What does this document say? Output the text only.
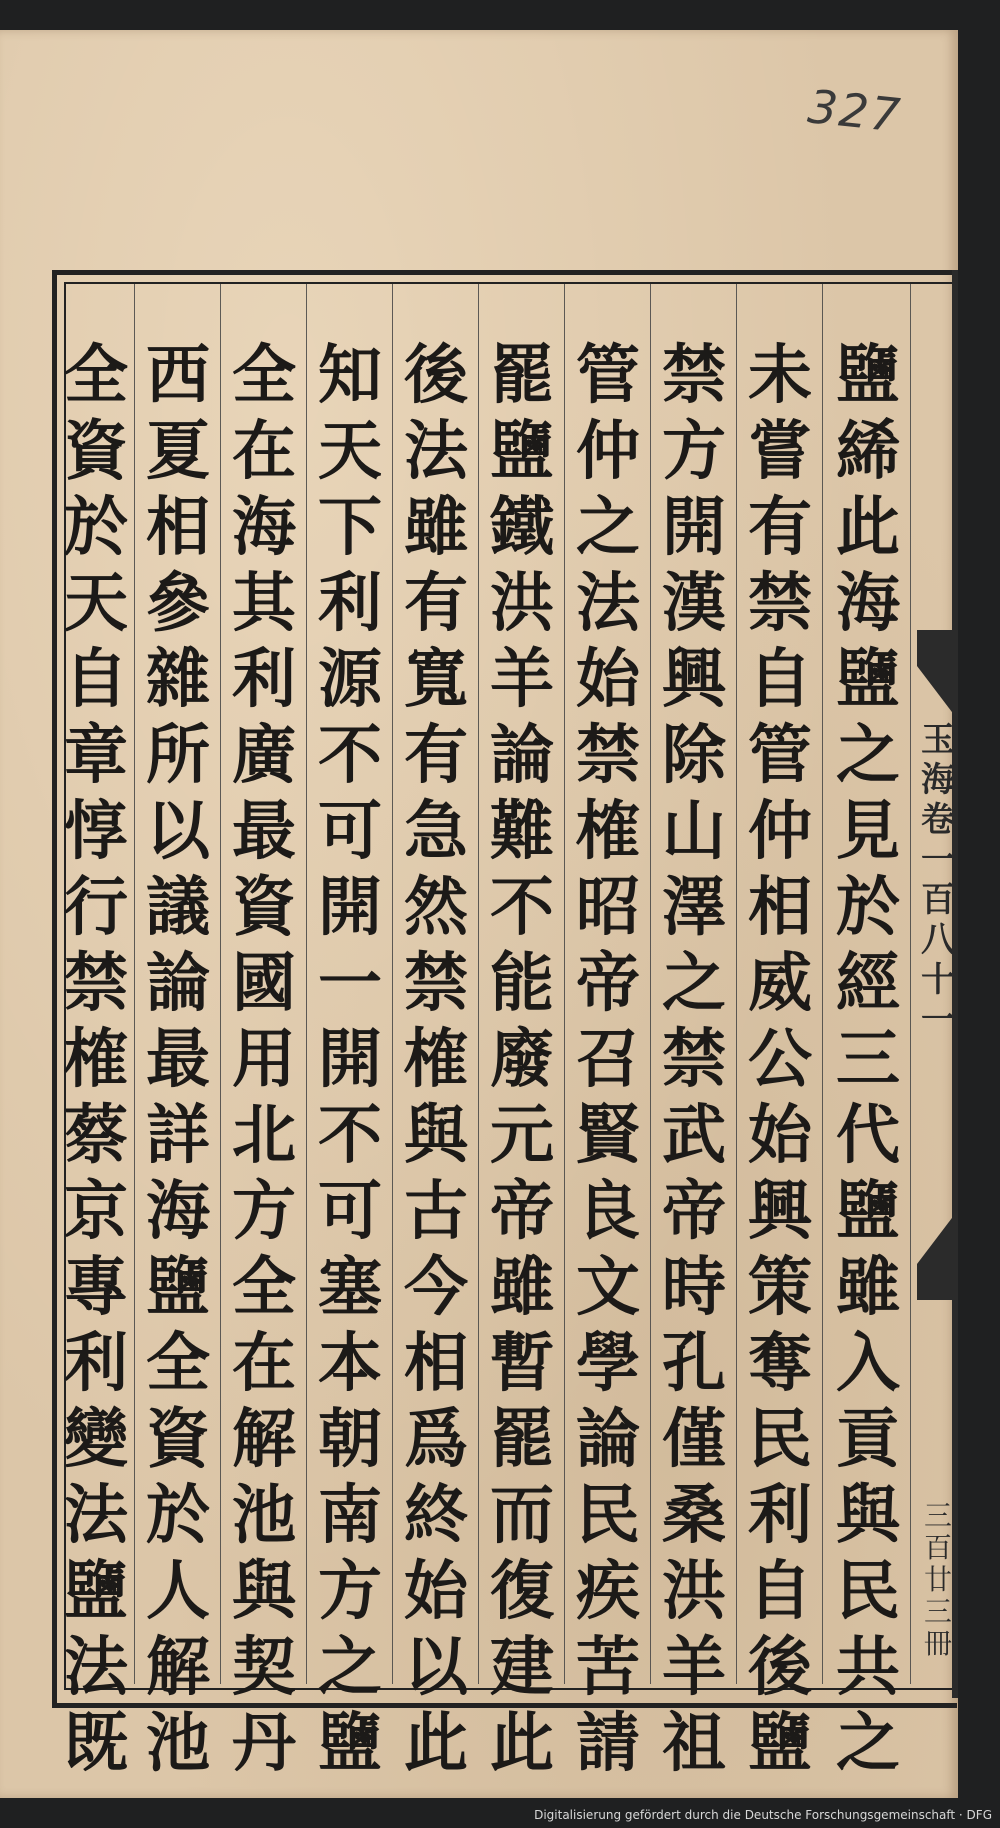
327
鹽
絺
此
海
鹽
之
見
於
經
三
代
鹽
雖
入
貢
與
民
共
之
未
嘗
有
禁
自
管
仲
相
威
公
始
興
策
奪
民
利
自
後
鹽
禁
方
開
漢
興
除
山
澤
之
禁
武
帝
時
孔
僅
桑
洪
羊
祖
管
仲
之
法
始
禁
榷
昭
帝
召
賢
良
文
學
論
民
疾
苦
請
罷
鹽
鐵
洪
羊
論
難
不
能
廢
元
帝
雖
暫
罷
而
復
建
此
後
法
雖
有
寬
有
急
然
禁
榷
與
古
今
相
爲
終
始
以
此
知
天
下
利
源
不
可
開
一
開
不
可
塞
本
朝
南
方
之
鹽
全
在
海
其
利
廣
最
資
國
用
北
方
全
在
解
池
與
契
丹
西
夏
相
參
雜
所
以
議
論
最
詳
海
鹽
全
資
於
人
解
池
全
資
於
天
自
章
惇
行
禁
榷
蔡
京
專
利
變
法
鹽
法
既
玉
海
卷
一
百
八
十
一
三
百
廿
三
冊
Digitalisierung gefördert durch die Deutsche Forschungsgemeinschaft · DFG
